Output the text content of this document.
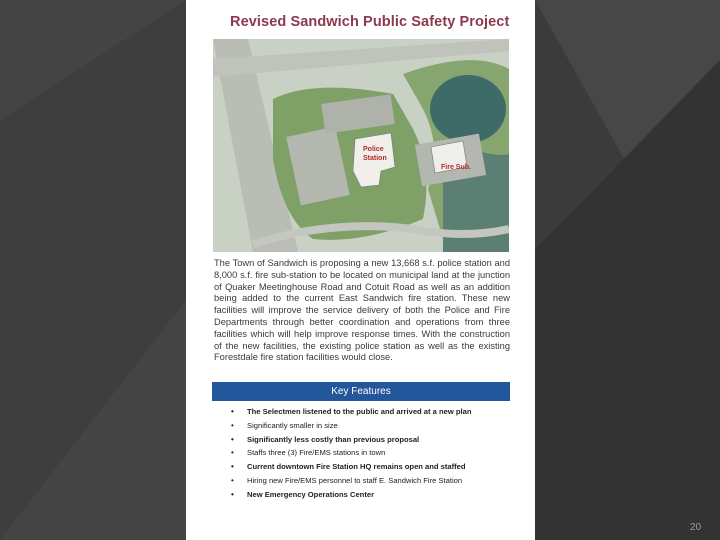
Revised Sandwich Public Safety Project
Police
Station
Fire Sub.
The Town of Sandwich is proposing a new 13,668 s.f. police station and 8,000 s.f. fire sub-station to be located on municipal land at the junction of Quaker Meetinghouse Road and Cotuit Road as well as an addition being added to the current East Sandwich fire station. These new facilities will improve the service delivery of both the Police and Fire Departments through better coordination and operations from three facilities which will help improve response times. With the construction of the new facilities, the existing police station as well as the existing Forestdale fire station facilities would close.
Key Features
• The Selectmen listened to the public and arrived at a new plan
• Significantly smaller in size
• Significantly less costly than previous proposal
• Staffs three (3) Fire/EMS stations in town
• Current downtown Fire Station HQ remains open and staffed
• Hiring new Fire/EMS personnel to staff E. Sandwich Fire Station
• New Emergency Operations Center
20
